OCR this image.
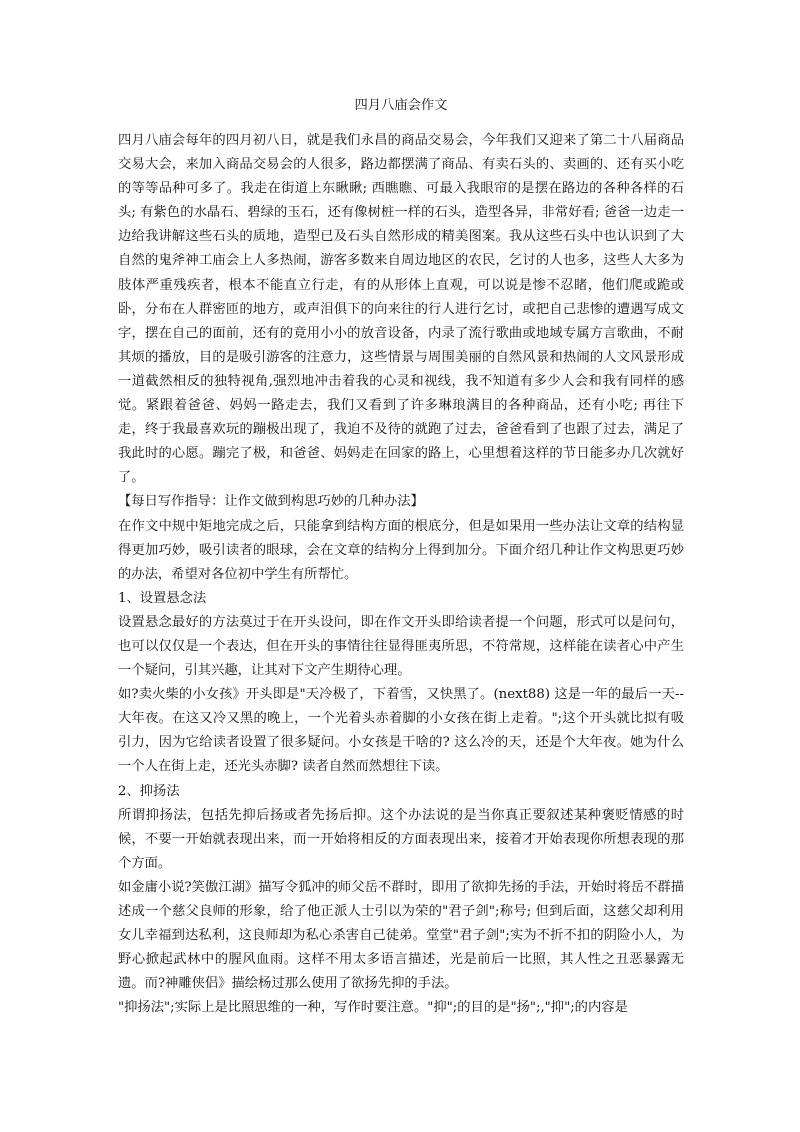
四月八庙会作文

四月八庙会每年的四月初八日，就是我们永昌的商品交易会，今年我们又迎来了第二十八届商品交易大会，来加入商品交易会的人很多，路边都摆满了商品、有卖石头的、卖画的、还有买小吃的等等品种可多了。我走在街道上东瞅瞅; 西瞧瞧、可最入我眼帘的是摆在路边的各种各样的石头; 有紫色的水晶石、碧绿的玉石，还有像树桩一样的石头，造型各异，非常好看; 爸爸一边走一边给我讲解这些石头的质地，造型已及石头自然形成的精美图案。我从这些石头中也认识到了大自然的鬼斧神工庙会上人多热闹，游客多数来自周边地区的农民，乞讨的人也多，这些人大多为肢体严重残疾者，根本不能直立行走，有的从形体上直观，可以说是惨不忍睹，他们爬或跪或卧，分布在人群密匝的地方，或声泪俱下的向来往的行人进行乞讨，或把自己悲惨的遭遇写成文字，摆在自己的面前，还有的竟用小小的放音设备，内录了流行歌曲或地域专属方言歌曲，不耐其烦的播放，目的是吸引游客的注意力，这些情景与周围美丽的自然风景和热闹的人文风景形成一道截然相反的独特视角,强烈地冲击着我的心灵和视线，我不知道有多少人会和我有同样的感觉。紧跟着爸爸、妈妈一路走去，我们又看到了许多琳琅满目的各种商品，还有小吃; 再往下走，终于我最喜欢玩的蹦极出现了，我迫不及待的就跑了过去，爸爸看到了也跟了过去，满足了我此时的心愿。蹦完了极，和爸爸、妈妈走在回家的路上，心里想着这样的节日能多办几次就好了。

【每日写作指导：让作文做到构思巧妙的几种办法】

在作文中规中矩地完成之后，只能拿到结构方面的根底分，但是如果用一些办法让文章的结构显得更加巧妙，吸引读者的眼球，会在文章的结构分上得到加分。下面介绍几种让作文构思更巧妙的办法，希望对各位初中学生有所帮忙。

1、设置悬念法

设置悬念最好的方法莫过于在开头设问，即在作文开头即给读者提一个问题，形式可以是问句，也可以仅仅是一个表达，但在开头的事情往往显得匪夷所思，不符常规，这样能在读者心中产生一个疑问，引其兴趣，让其对下文产生期待心理。

如?卖火柴的小女孩》开头即是"天冷极了，下着雪，又快黑了。(next88) 这是一年的最后一天--大年夜。在这又冷又黑的晚上，一个光着头赤着脚的小女孩在街上走着。";这个开头就比拟有吸引力，因为它给读者设置了很多疑问。小女孩是干啥的? 这么冷的天，还是个大年夜。她为什么一个人在街上走，还光头赤脚? 读者自然而然想往下读。

2、抑扬法

所谓抑扬法，包括先抑后扬或者先扬后抑。这个办法说的是当你真正要叙述某种褒贬情感的时候，不要一开始就表现出来，而一开始将相反的方面表现出来，接着才开始表现你所想表现的那个方面。

如金庸小说?笑傲江湖》描写令狐冲的师父岳不群时，即用了欲抑先扬的手法，开始时将岳不群描述成一个慈父良师的形象，给了他正派人士引以为荣的"君子剑";称号; 但到后面，这慈父却利用女儿幸福到达私利，这良师却为私心杀害自己徒弟。堂堂"君子剑";实为不折不扣的阴险小人，为野心掀起武林中的腥风血雨。这样不用太多语言描述，光是前后一比照，其人性之丑恶暴露无遗。而?神雕侠侣》描绘杨过那么使用了欲扬先抑的手法。

"抑扬法";实际上是比照思维的一种，写作时要注意。"抑";的目的是"扬";,"抑";的内容是
